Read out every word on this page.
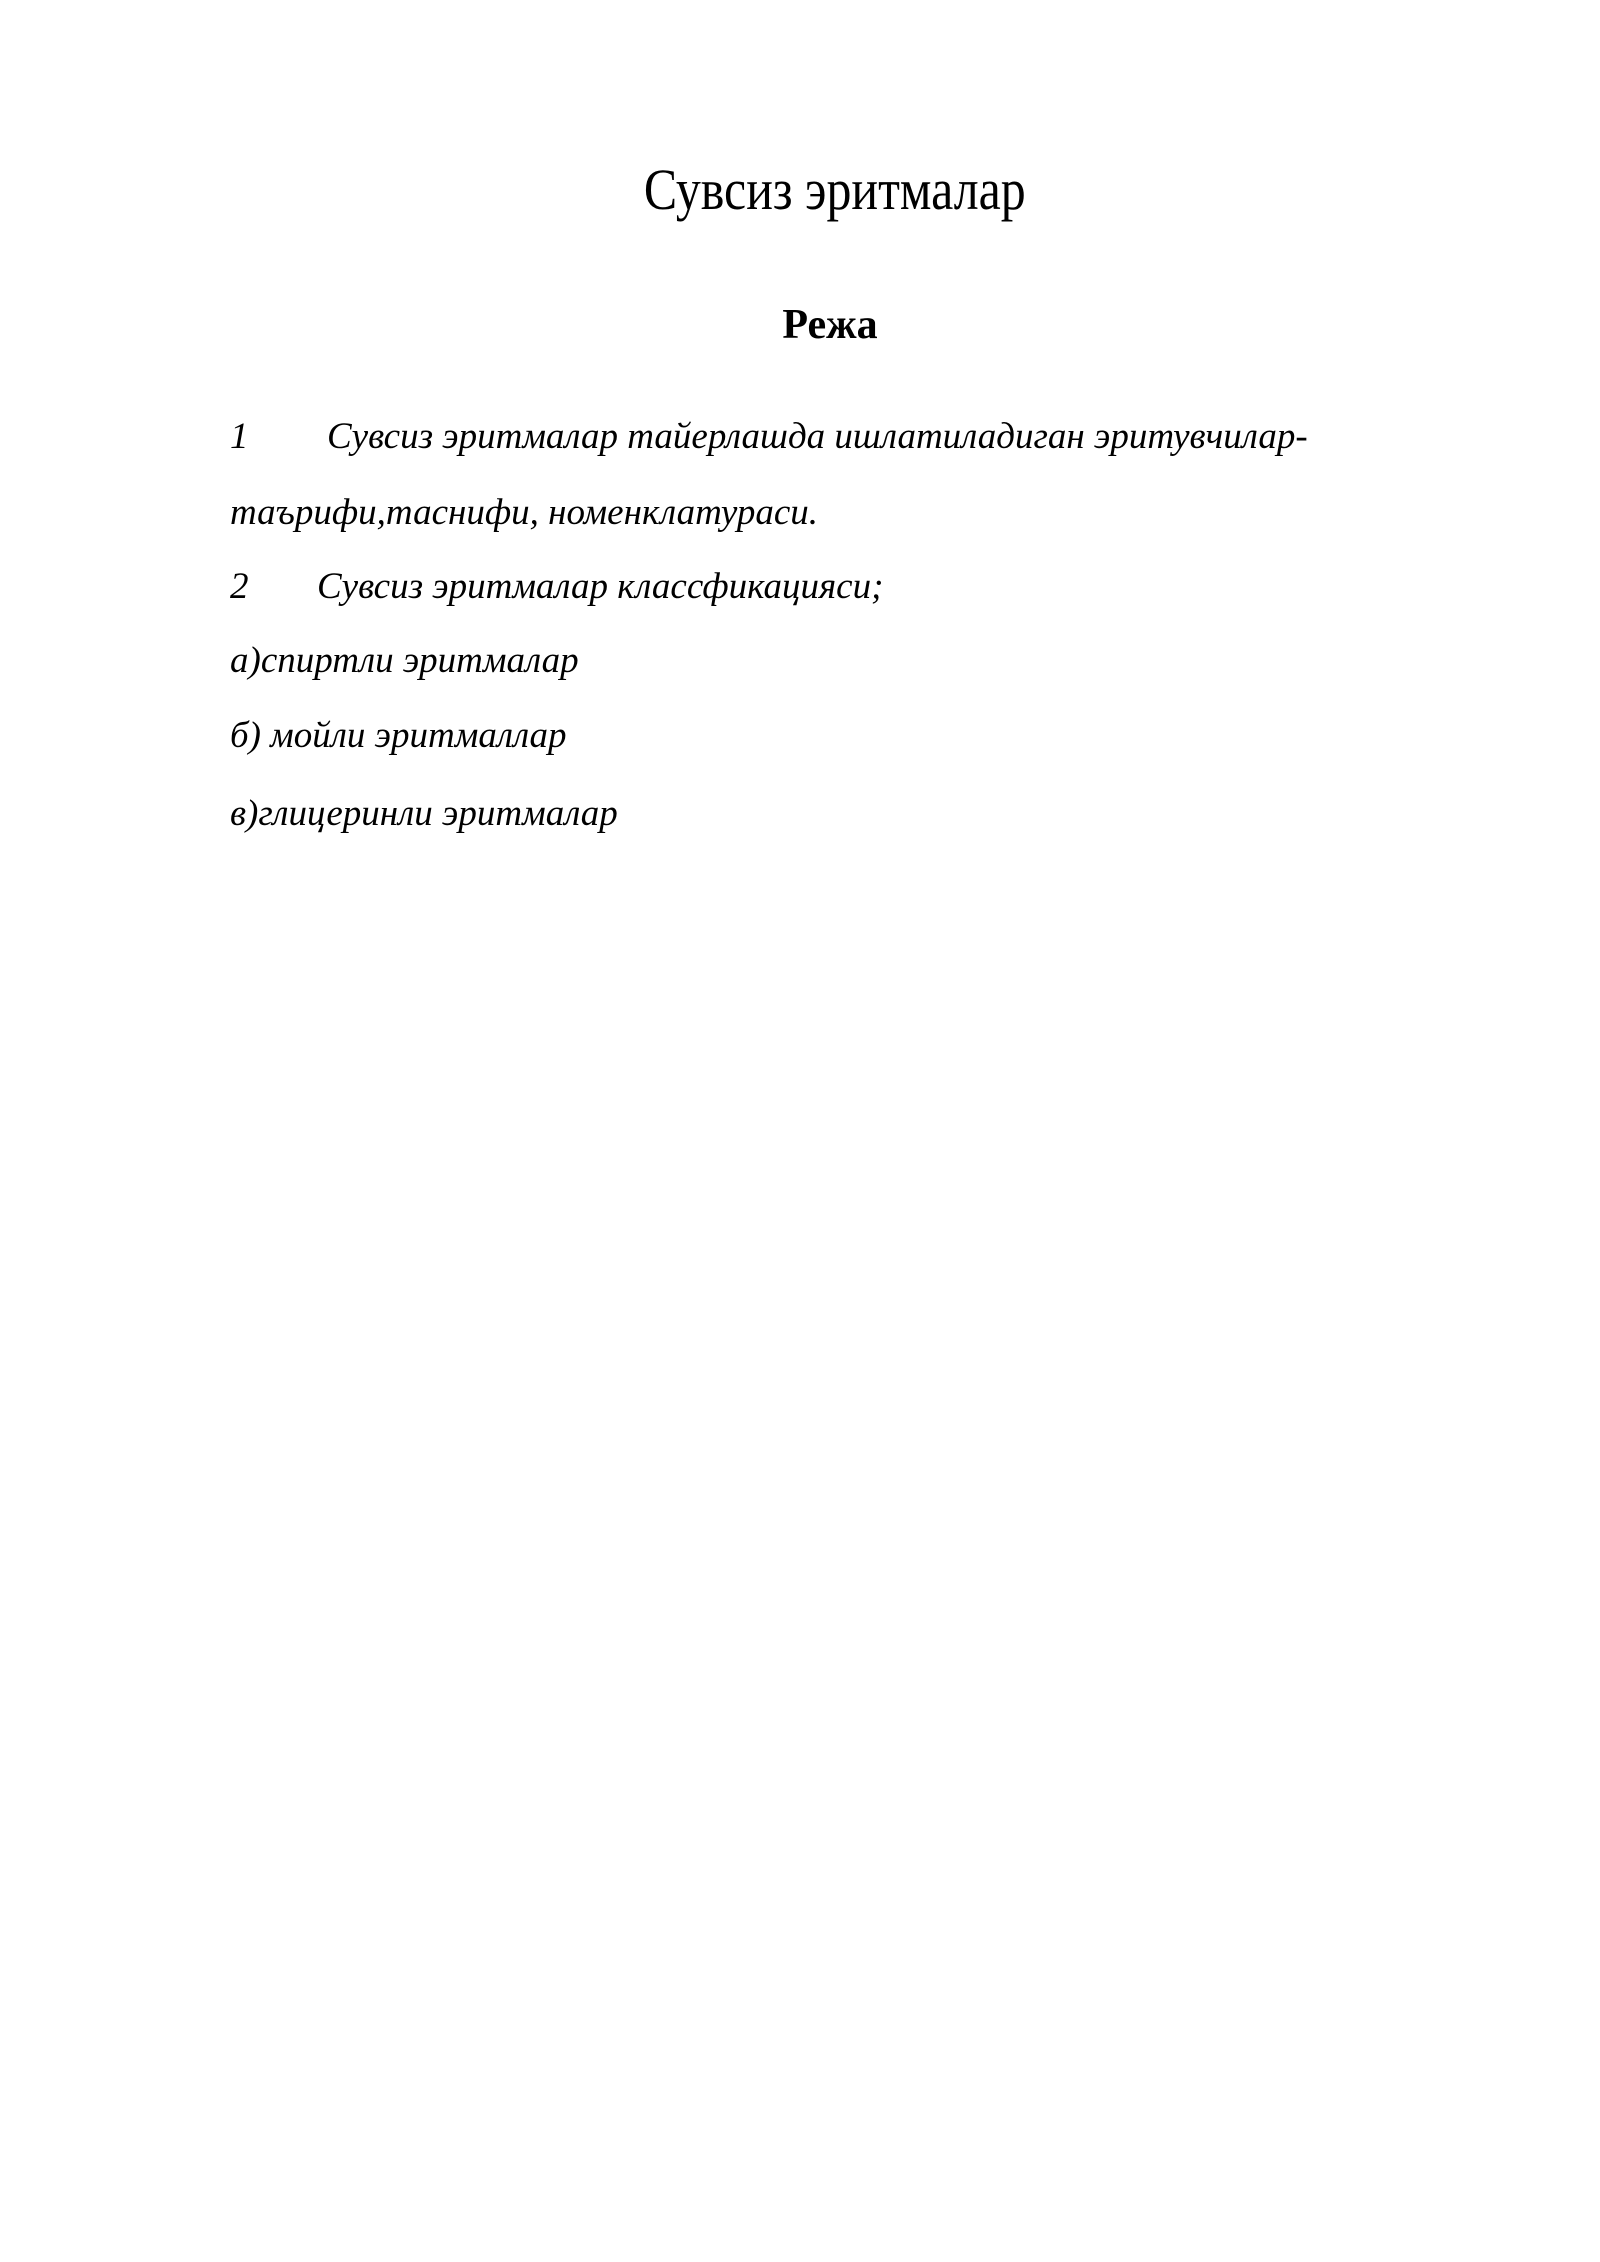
Сувсиз эритмалар
Режа
1 Сувсиз эритмалар тайерлашда ишлатиладиган эритувчилар-
таърифи,таснифи, номенклатураси.
2 Сувсиз эритмалар классфикацияси;
а)спиртли эритмалар
б) мойли эритмаллар
в)глицеринли эритмалар
